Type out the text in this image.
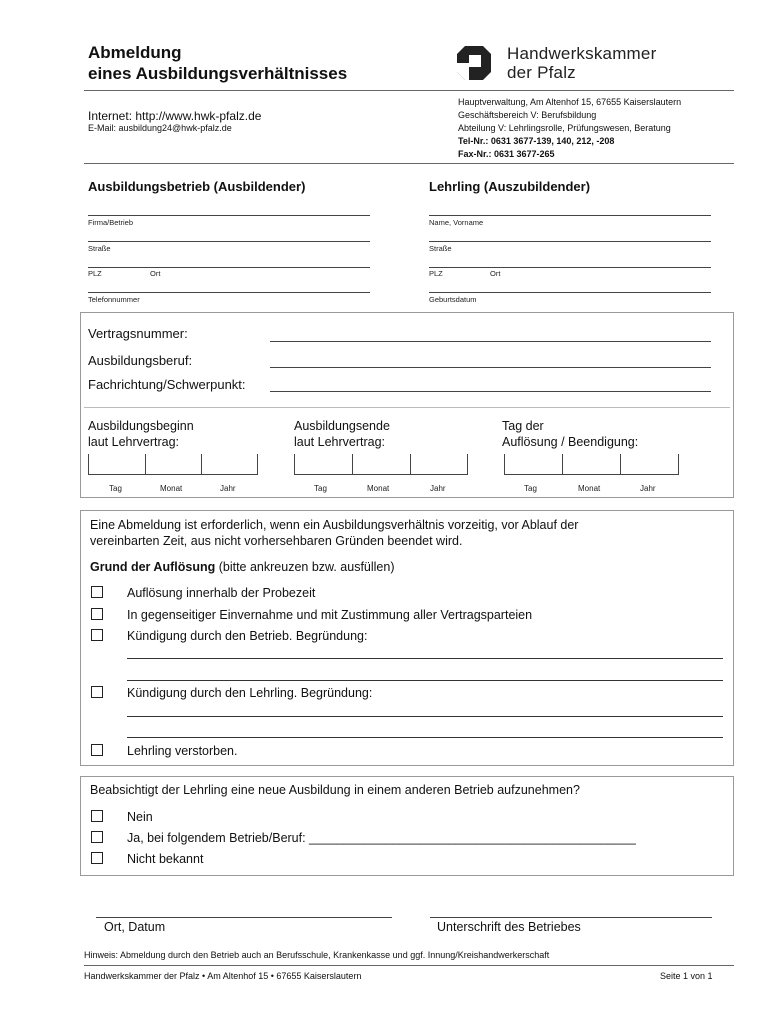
Abmeldung
eines Ausbildungsverhältnisses
Handwerkskammer
der Pfalz
Internet: http://www.hwk-pfalz.de
E-Mail: ausbildung24@hwk-pfalz.de
Hauptverwaltung, Am Altenhof 15, 67655 Kaiserslautern
Geschäftsbereich V: Berufsbildung
Abteilung V: Lehrlingsrolle, Prüfungswesen, Beratung
Tel-Nr.: 0631 3677-139, 140, 212, -208
Fax-Nr.: 0631 3677-265
Ausbildungsbetrieb (Ausbildender)	Lehrling (Auszubildender)
Firma/Betrieb
Straße
PLZ	Ort
Telefonnummer
Name, Vorname
Straße
PLZ	Ort
Geburtsdatum
Vertragsnummer:
Ausbildungsberuf:
Fachrichtung/Schwerpunkt:
Ausbildungsbeginn
laut Lehrvertrag:
Ausbildungsende
laut Lehrvertrag:
Tag der
Auflösung / Beendigung:
Tag	Monat	Jahr	Tag	Monat	Jahr	Tag	Monat	Jahr
Eine Abmeldung ist erforderlich, wenn ein Ausbildungsverhältnis vorzeitig, vor Ablauf der
vereinbarten Zeit, aus nicht vorhersehbaren Gründen beendet wird.
Grund der Auflösung (bitte ankreuzen bzw. ausfüllen)
Auflösung innerhalb der Probezeit
In gegenseitiger Einvernahme und mit Zustimmung aller Vertragsparteien
Kündigung durch den Betrieb. Begründung:
Kündigung durch den Lehrling. Begründung:
Lehrling verstorben.
Beabsichtigt der Lehrling eine neue Ausbildung in einem anderen Betrieb aufzunehmen?
Nein
Ja, bei folgendem Betrieb/Beruf: _______________________________________________
Nicht bekannt
Ort, Datum	Unterschrift des Betriebes
Hinweis: Abmeldung durch den Betrieb auch an Berufsschule, Krankenkasse und ggf. Innung/Kreishandwerkerschaft
Handwerkskammer der Pfalz • Am Altenhof 15 • 67655 Kaiserslautern	Seite 1 von 1
